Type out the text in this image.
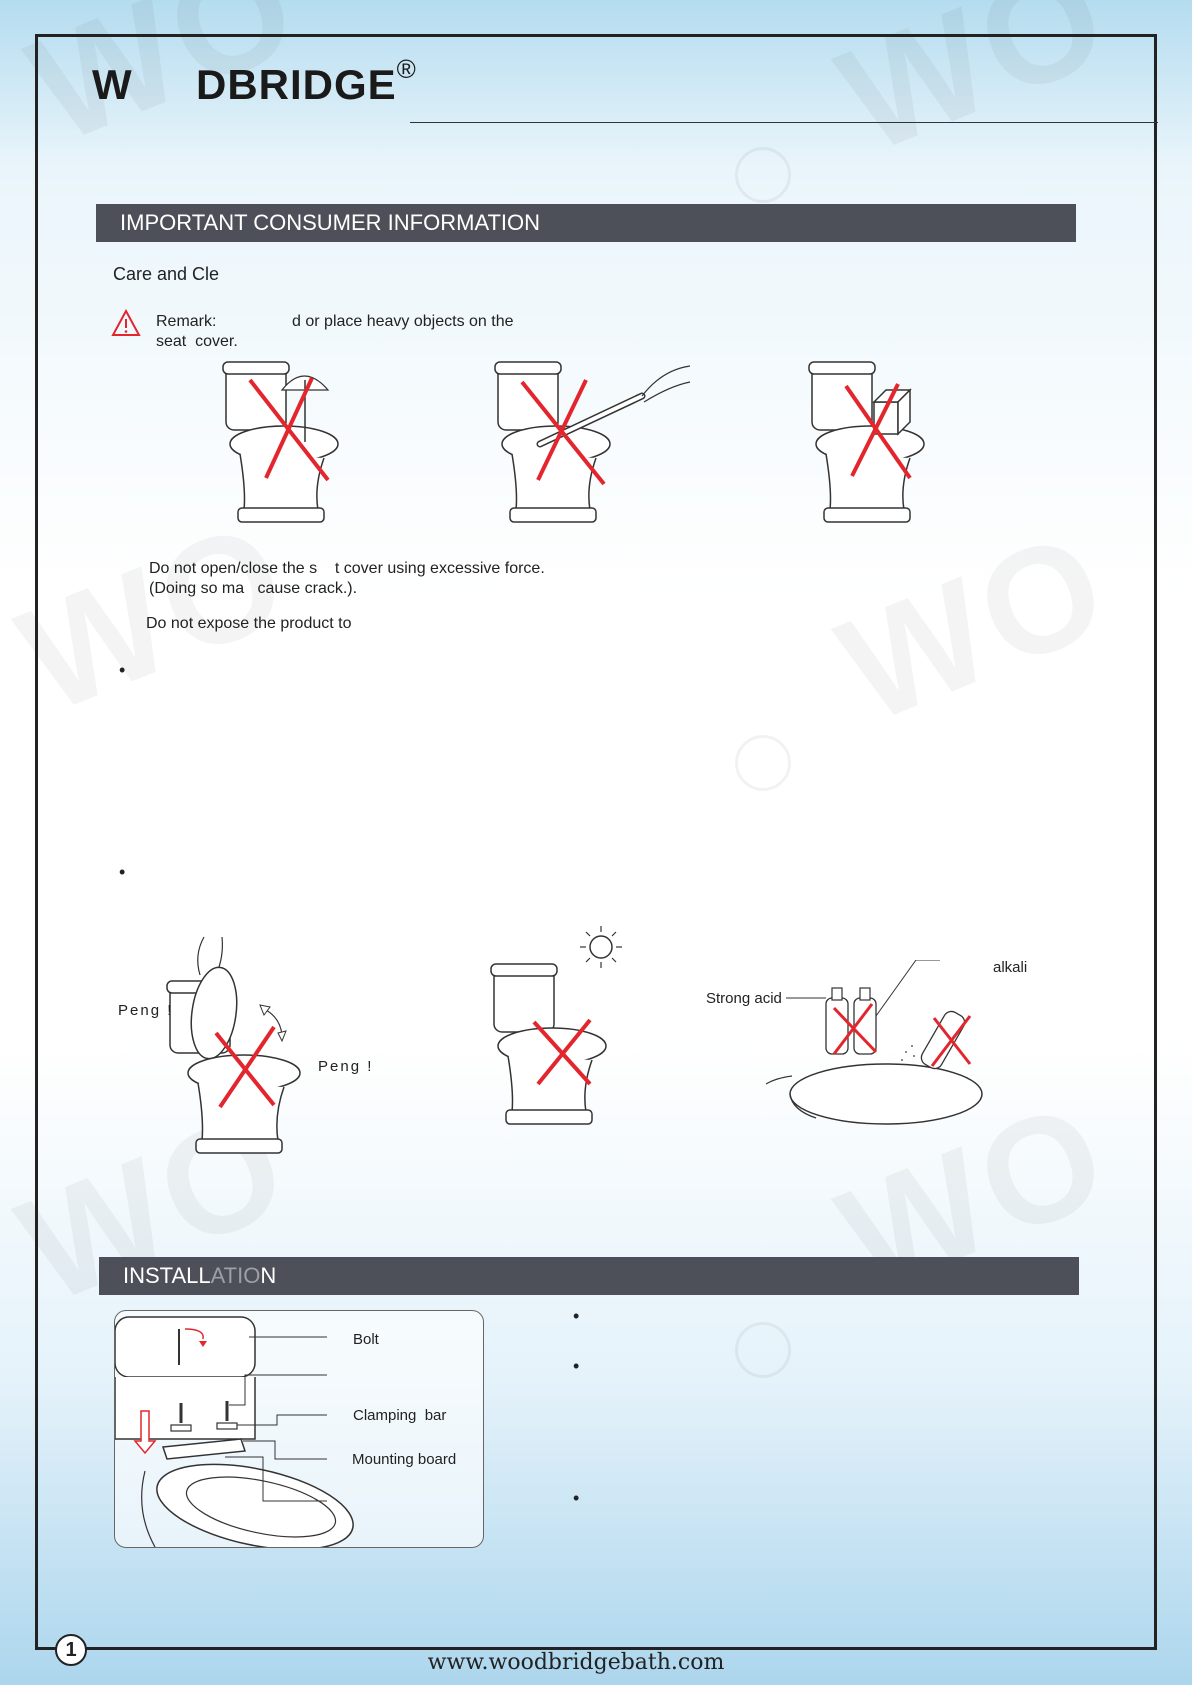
W     DBRIDGE®
IMPORTANT CONSUMER INFORMATION
Care and Cle
Remark:                 d or place heavy objects on the
seat  cover.
Do not open/close the s    t cover using excessive force.
(Doing so ma   cause crack.).
Do not expose the product to
•
•
Peng !
Peng !
Strong acid
alkali
INSTALLATION
Bolt
Clamping  bar
Mounting board
•
•
•
1	www.woodbridgebath.com
